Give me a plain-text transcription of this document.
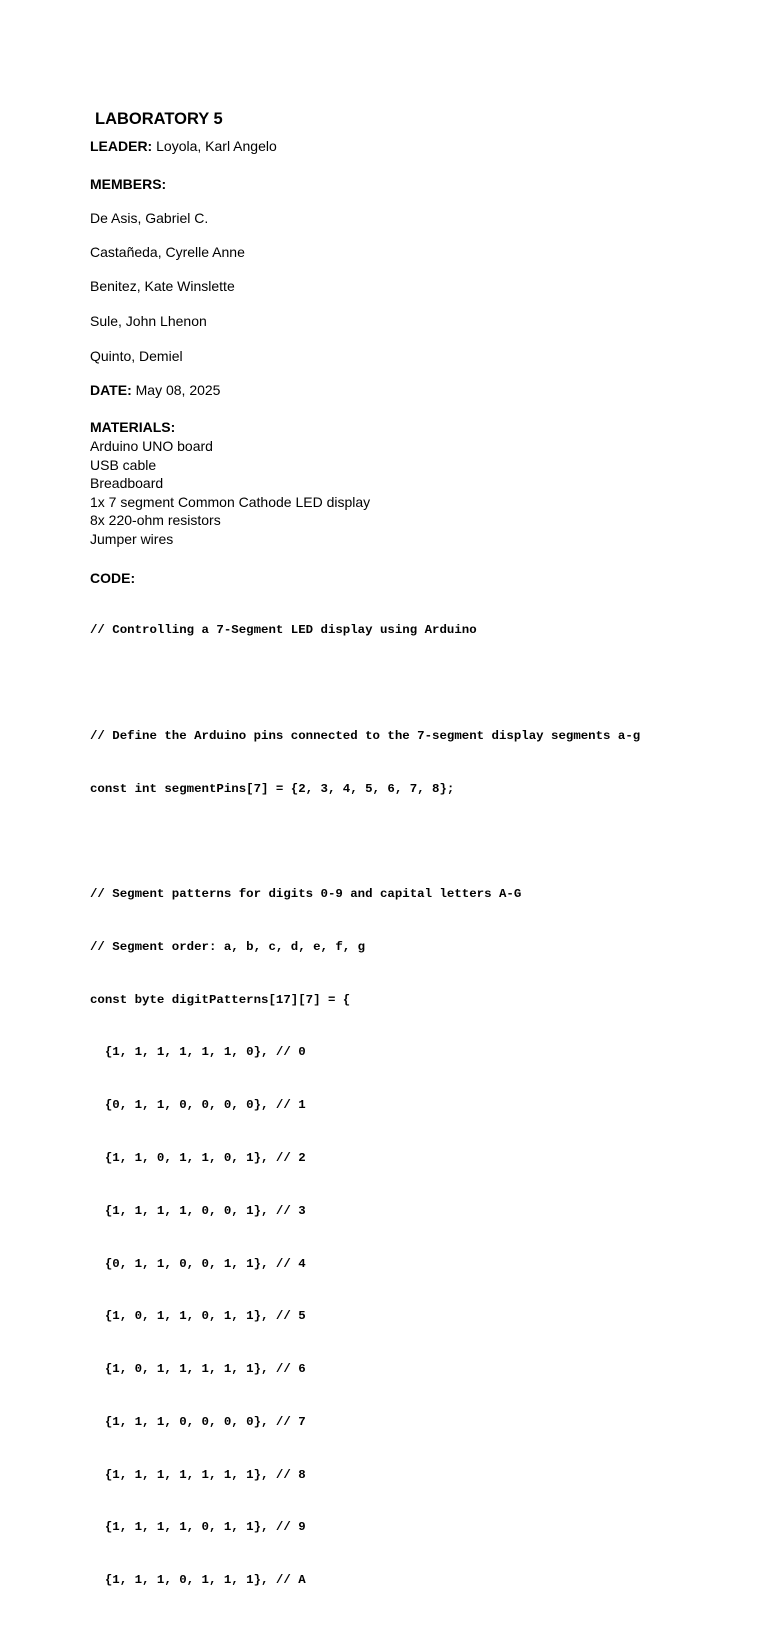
LABORATORY 5
LEADER: Loyola, Karl Angelo
MEMBERS:
De Asis, Gabriel C.
Castañeda, Cyrelle Anne
Benitez, Kate Winslette
Sule, John Lhenon
Quinto, Demiel
DATE: May 08, 2025
MATERIALS:
Arduino UNO board
USB cable
Breadboard
1x 7 segment Common Cathode LED display
8x 220-ohm resistors
Jumper wires
CODE:

// Controlling a 7-Segment LED display using Arduino

// Define the Arduino pins connected to the 7-segment display segments a-g

const int segmentPins[7] = {2, 3, 4, 5, 6, 7, 8};

// Segment patterns for digits 0-9 and capital letters A-G

// Segment order: a, b, c, d, e, f, g

const byte digitPatterns[17][7] = {

{1, 1, 1, 1, 1, 1, 0}, // 0

{0, 1, 1, 0, 0, 0, 0}, // 1

{1, 1, 0, 1, 1, 0, 1}, // 2

{1, 1, 1, 1, 0, 0, 1}, // 3

{0, 1, 1, 0, 0, 1, 1}, // 4

{1, 0, 1, 1, 0, 1, 1}, // 5

{1, 0, 1, 1, 1, 1, 1}, // 6

{1, 1, 1, 0, 0, 0, 0}, // 7

{1, 1, 1, 1, 1, 1, 1}, // 8

{1, 1, 1, 1, 0, 1, 1}, // 9

{1, 1, 1, 0, 1, 1, 1}, // A
